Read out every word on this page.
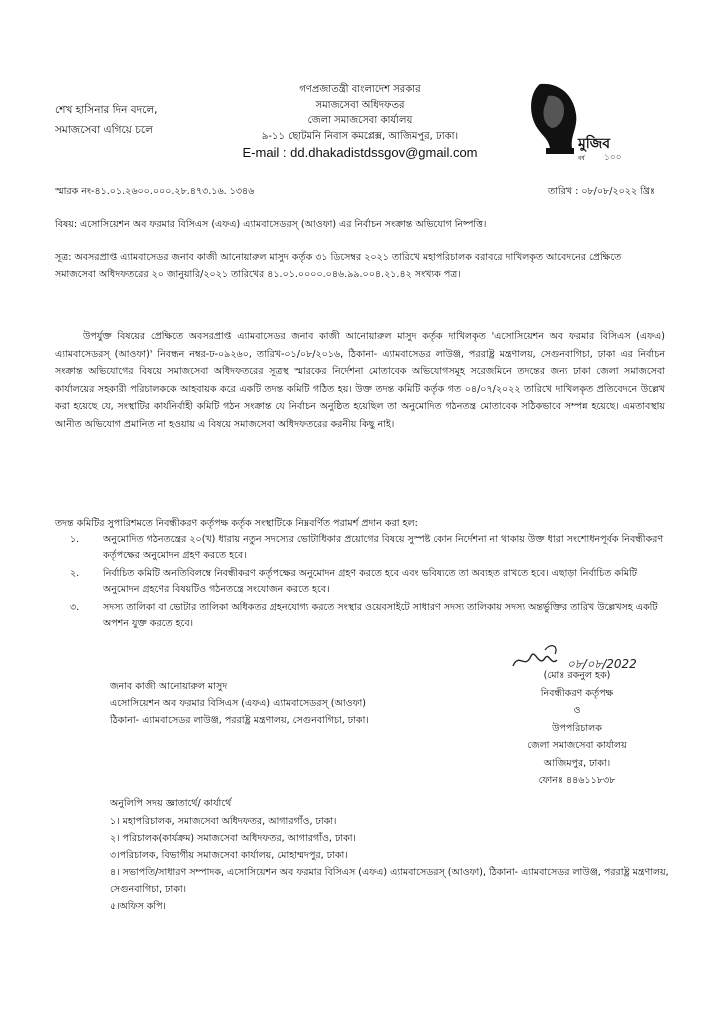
শেখ হাসিনার দিন বদলে,
সমাজসেবা এগিয়ে চলে
গণপ্রজাতন্ত্রী বাংলাদেশ সরকার
সমাজসেবা অধিদফতর
জেলা সমাজসেবা কার্যালয়
৯-১১ ছোটমনি নিবাস কমপ্লেক্স, আজিমপুর, ঢাকা।
E-mail : dd.dhakadistdssgov@gmail.com
মুজিব
বর্ষ ১০০
স্মারক নং-৪১.০১.২৬০০.০০০.২৮.৪৭৩.১৬. ১৩৪৬	তারিখ : ০৮/০৮/২০২২ খ্রিঃ
বিষয়: এসোসিয়েশন অব ফরমার বিসিএস (এফএ) এ্যামবাসেডরস্ (আওফা) এর নির্বাচন সংক্রান্ত অভিযোগ নিষ্পত্তি।
সূত্র: অবসরপ্রাপ্ত এ্যামবাসেডর জনাব কাজী আনোয়ারুল মাসুদ কর্তৃক ৩১ ডিসেম্বর ২০২১ তারিখে মহাপরিচালক বরাবরে দাখিলকৃত আবেদনের প্রেক্ষিতে সমাজসেবা অধিদফতরের ২০ জানুয়ারি/২০২১ তারিখের ৪১.০১.০০০০.০৪৬.৯৯.০০৪.২১.৪২ সংখ্যক পত্র।
উপর্যুক্ত বিষয়ের প্রেক্ষিতে অবসরপ্রাপ্ত এ্যামবাসেডর জনাব কাজী আনোয়ারুল মাসুদ কর্তৃক দাখিলকৃত 'এসোসিয়েশন অব ফরমার বিসিএস (এফএ) এ্যামবাসেডরস্ (আওফা)' নিবন্ধন নম্বর-ঢ-০৯২৬০, তারিখ-০১/০৮/২০১৬, ঠিকানা- এ্যামবাসেডর লাউঞ্জ, পররাষ্ট্র মন্ত্রণালয়, সেগুনবাগিচা, ঢাকা এর নির্বাচন সংক্রান্ত অভিযোগের বিষয়ে সমাজসেবা অধিদফতরের সূত্রস্থ স্মারকের নির্দেশনা মোতাবেক অভিযোগসমূহ সরেজমিনে তদন্তের জন্য ঢাকা জেলা সমাজসেবা কার্যালয়ের সহকারী পরিচালককে আহবায়ক করে একটি তদন্ত কমিটি গঠিত হয়। উক্ত তদন্ত কমিটি কর্তৃক গত ০৪/০৭/২০২২ তারিখে দাখিলকৃত প্রতিবেদনে উল্লেখ করা হয়েছে যে, সংস্থাটির কার্যনির্বাহী কমিটি গঠন সংক্রান্ত যে নির্বাচন অনুষ্ঠিত হয়েছিল তা অনুমোদিত গঠনতন্ত্র মোতাবেক সঠিকভাবে সম্পন্ন হয়েছে। এমতাবস্থায় আনীত অভিযোগ প্রমানিত না হওয়ায় এ বিষয়ে সমাজসেবা অধিদফতরের করনীয় কিছু নাই।
তদন্ত কমিটির সুপারিশমতে নিবন্ধীকরণ কর্তৃপক্ষ কর্তৃক সংস্থাটিকে নিম্নবর্ণিত পরামর্শ প্রদান করা হল:
১.	অনুমোদিত গঠনতন্ত্রের ২০(খ) ধারায় নতুন সদস্যের ভোটাধিকার প্রয়োগের বিষয়ে সুস্পষ্ট কোন নির্দেশনা না থাকায় উক্ত ধারা সংশোধনপূর্বক নিবন্ধীকরণ কর্তৃপক্ষের অনুমোদন গ্রহণ করতে হবে।
২.	নির্বাচিত কমিটি অনতিবিলম্বে নিবন্ধীকরণ কর্তৃপক্ষের অনুমোদন গ্রহণ করতে হবে এবং ভবিষ্যতে তা অব্যহত রাখতে হবে। এছাড়া নির্বাচিত কমিটি অনুমোদন গ্রহণের বিষয়টিও গঠনতন্ত্রে সংযোজন করতে হবে।
৩.	সদস্য তালিকা বা ভোটার তালিকা অধিকতর গ্রহনযোগ্য করতে সংস্থার ওয়েবসাইটে সাধারণ সদস্য তালিকায় সদস্য অন্তর্ভুক্তির তারিখ উল্লেখসহ একটি অপশন যুক্ত করতে হবে।
০৮/০৮/2022
(মোঃ রকনুল হক)
নিবন্ধীকরণ কর্তৃপক্ষ
ও
উপপরিচালক
জেলা সমাজসেবা কার্যালয়
আজিমপুর, ঢাকা।
ফোনঃ ৪৪৬১১৮৩৮
জনাব কাজী আনোয়ারুল মাসুদ
এসোসিয়েশন অব ফরমার বিসিএস (এফএ) এ্যামবাসেডরস্ (আওফা)
ঠিকানা- এ্যামবাসেডর লাউঞ্জ, পররাষ্ট্র মন্ত্রণালয়, সেগুনবাগিচা, ঢাকা।
অনুলিপি সদয় জ্ঞাতার্থে/ কার্যার্থে
১। মহাপরিচালক, সমাজসেবা অধিদফতর, আগারগাঁও, ঢাকা।
২। পরিচালক(কার্যক্রম) সমাজসেবা অধিদফতর, আগারগাঁও, ঢাকা।
৩।পরিচালক, বিভাগীয় সমাজসেবা কার্যালয়, মোহাম্মদপুর, ঢাকা।
৪। সভাপতি/সাধারণ সম্পাদক, এসোসিয়েশন অব ফরমার বিসিএস (এফএ) এ্যামবাসেডরস্ (আওফা), ঠিকানা- এ্যামবাসেডর লাউঞ্জ, পররাষ্ট্র মন্ত্রণালয়, সেগুনবাগিচা, ঢাকা।
৫।অফিস কপি।
